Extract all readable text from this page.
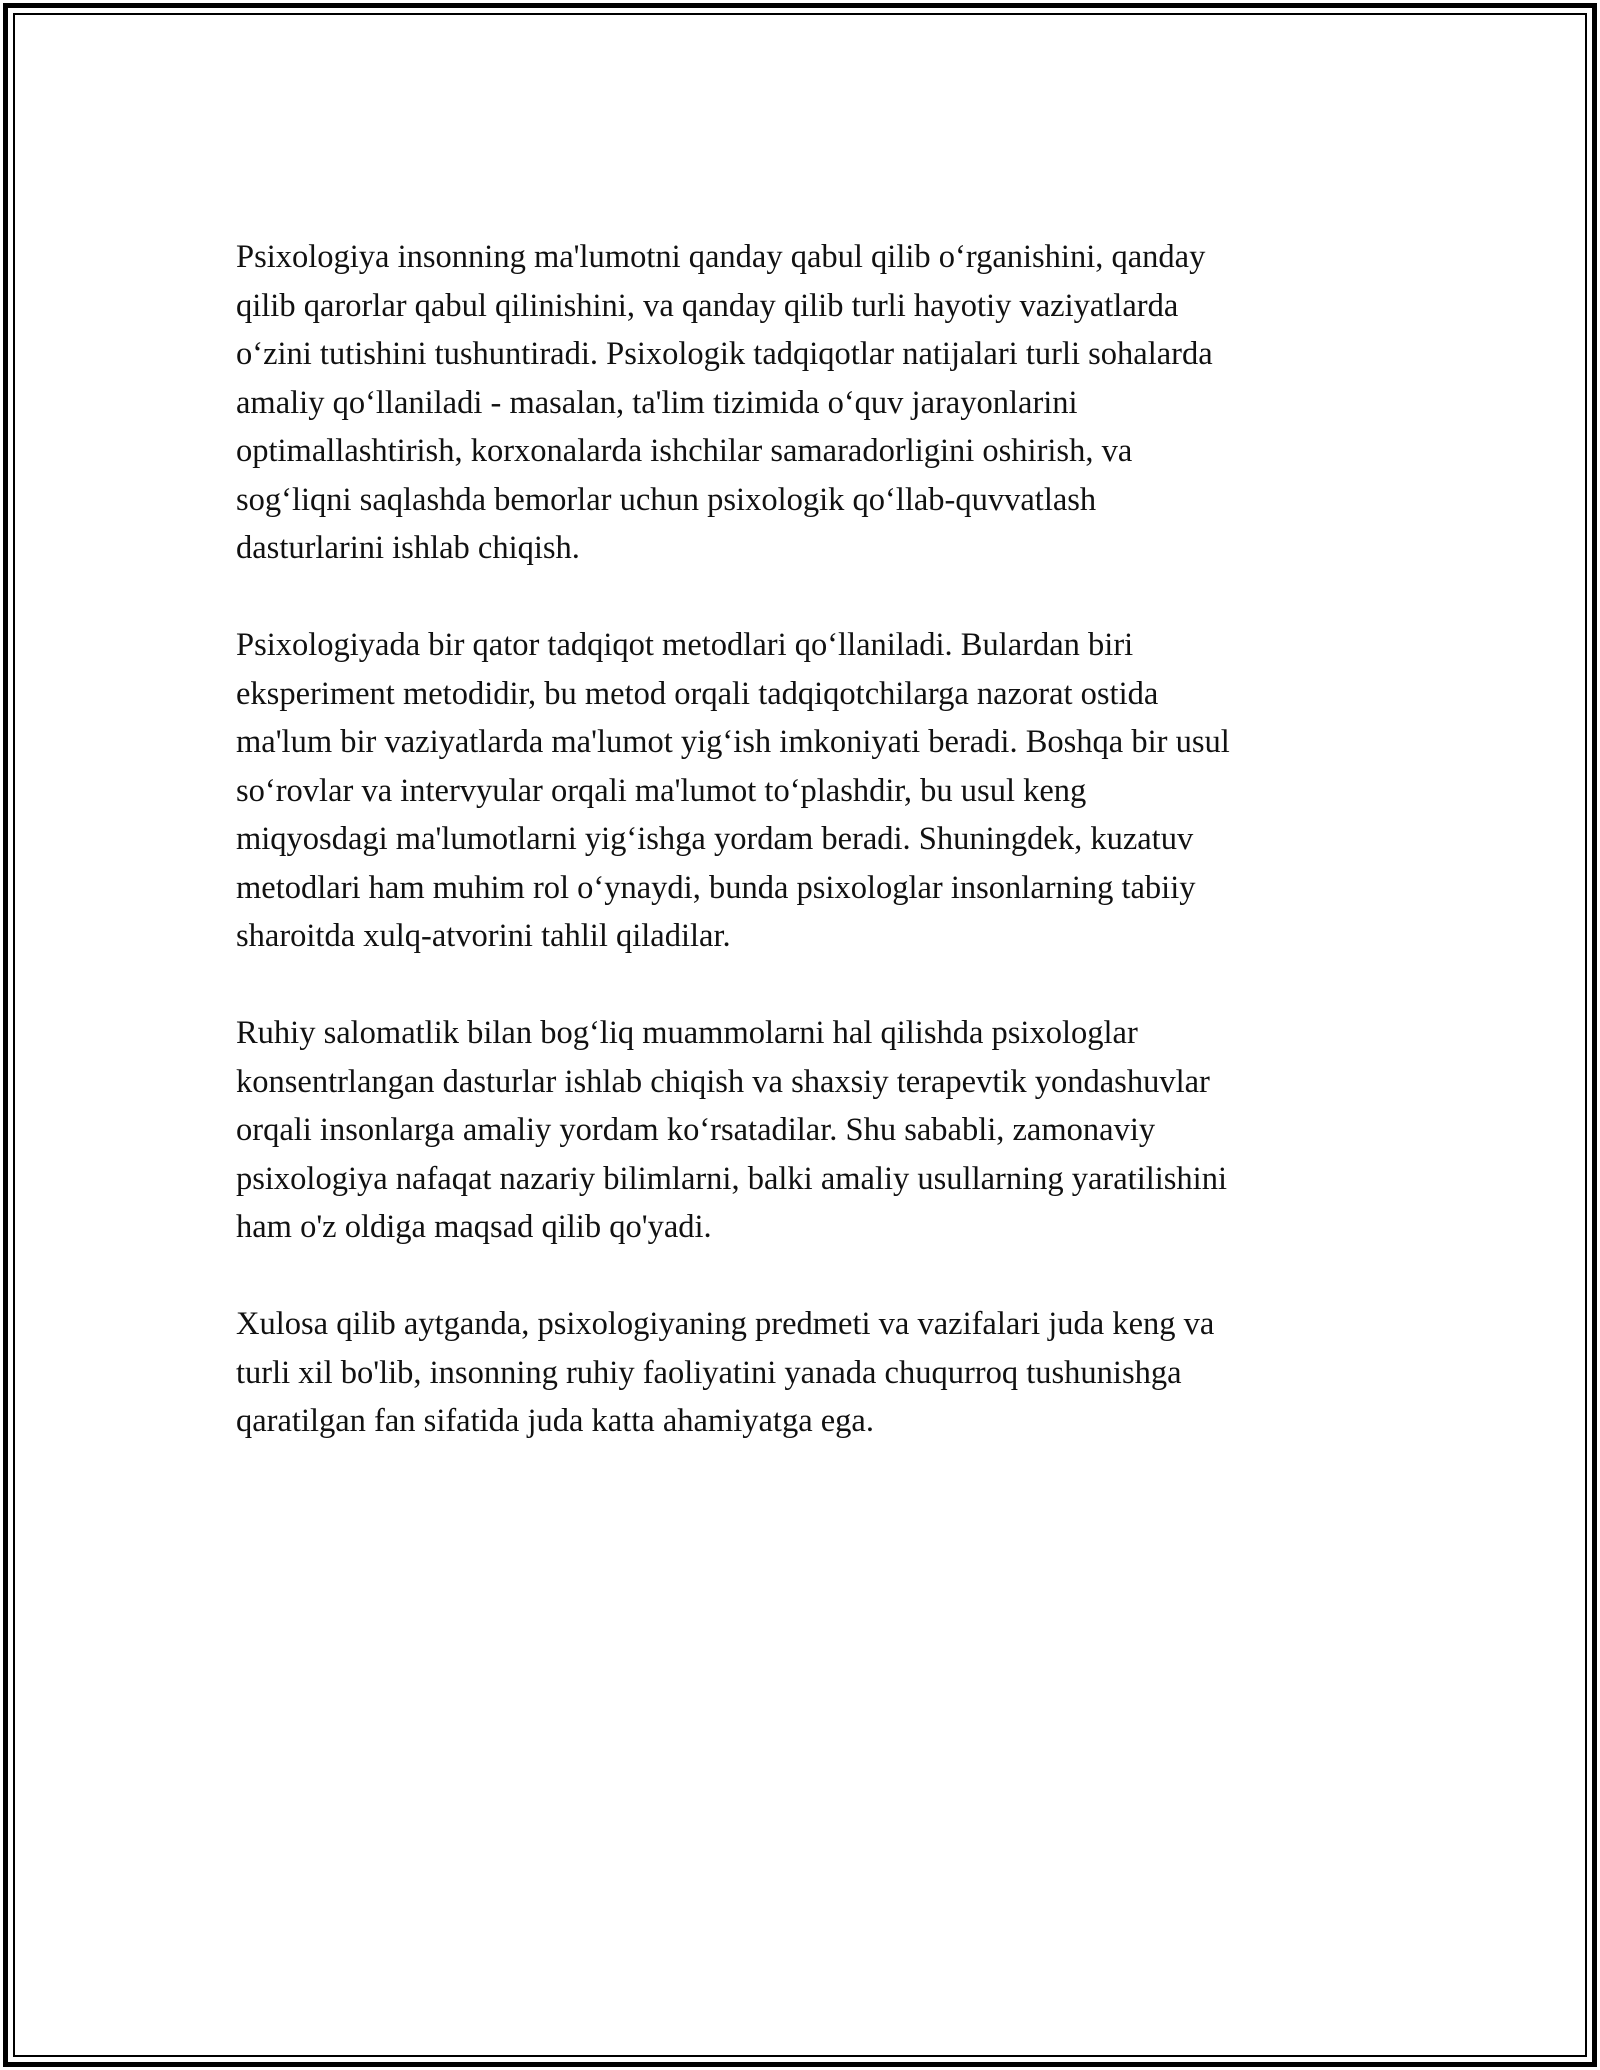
Psixologiya insonning ma'lumotni qanday qabul qilib o‘rganishini, qanday
qilib qarorlar qabul qilinishini, va qanday qilib turli hayotiy vaziyatlarda
o‘zini tutishini tushuntiradi. Psixologik tadqiqotlar natijalari turli sohalarda
amaliy qo‘llaniladi - masalan, ta'lim tizimida o‘quv jarayonlarini
optimallashtirish, korxonalarda ishchilar samaradorligini oshirish, va
sog‘liqni saqlashda bemorlar uchun psixologik qo‘llab-quvvatlash
dasturlarini ishlab chiqish.

Psixologiyada bir qator tadqiqot metodlari qo‘llaniladi. Bulardan biri
eksperiment metodidir, bu metod orqali tadqiqotchilarga nazorat ostida
ma'lum bir vaziyatlarda ma'lumot yig‘ish imkoniyati beradi. Boshqa bir usul
so‘rovlar va intervyular orqali ma'lumot to‘plashdir, bu usul keng
miqyosdagi ma'lumotlarni yig‘ishga yordam beradi. Shuningdek, kuzatuv
metodlari ham muhim rol o‘ynaydi, bunda psixologlar insonlarning tabiiy
sharoitda xulq-atvorini tahlil qiladilar.

Ruhiy salomatlik bilan bog‘liq muammolarni hal qilishda psixologlar
konsentrlangan dasturlar ishlab chiqish va shaxsiy terapevtik yondashuvlar
orqali insonlarga amaliy yordam ko‘rsatadilar. Shu sababli, zamonaviy
psixologiya nafaqat nazariy bilimlarni, balki amaliy usullarning yaratilishini
ham o'z oldiga maqsad qilib qo'yadi.

Xulosa qilib aytganda, psixologiyaning predmeti va vazifalari juda keng va
turli xil bo'lib, insonning ruhiy faoliyatini yanada chuqurroq tushunishga
qaratilgan fan sifatida juda katta ahamiyatga ega.
